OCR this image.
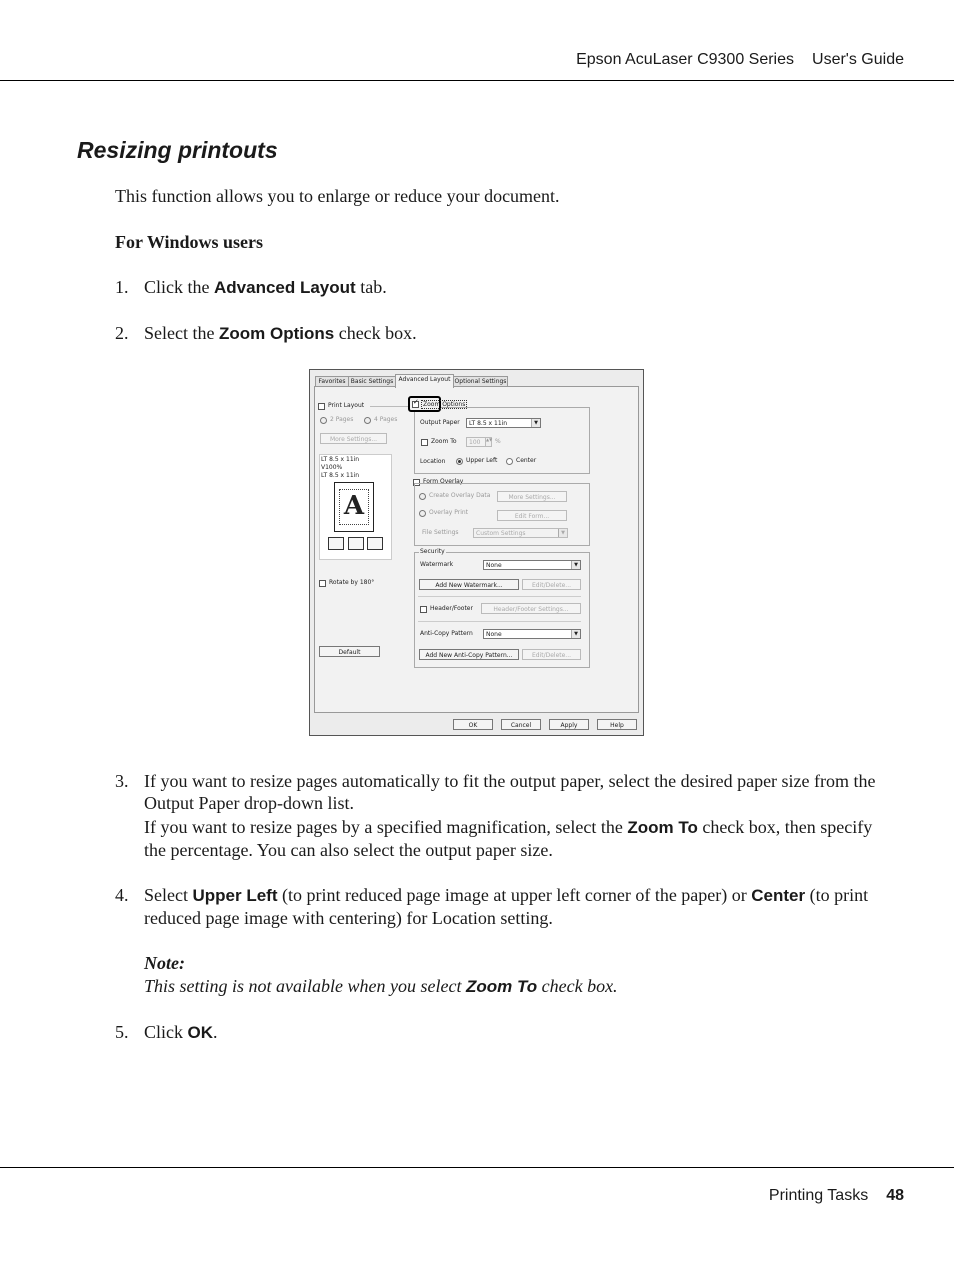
Epson AcuLaser C9300 Series User's Guide
Resizing printouts
This function allows you to enlarge or reduce your document.
For Windows users
1. Click the Advanced Layout tab.
2. Select the Zoom Options check box.
Favorites Basic Settings Advanced Layout Optional Settings
Print Layout
2 Pages	4 Pages
More Settings...
LT 8.5 x 11in
V100%
LT 8.5 x 11in
A
Rotate by 180°
Default
✓ Zoom Options
Output Paper	LT 8.5 x 11in	▼
Zoom To	100	▲▼ %
Location	Upper Left	Center
Form Overlay
Create Overlay Data	More Settings...
Overlay Print
Edit Form...
File Settings	Custom Settings	▼
Security
Watermark	None	▼
Add New Watermark...	Edit/Delete...
Header/Footer	Header/Footer Settings...
Anti-Copy Pattern	None	▼
Add New Anti-Copy Pattern...	Edit/Delete...
OK	Cancel	Apply	Help
3. If you want to resize pages automatically to fit the output paper, select the desired paper size from the Output Paper drop-down list.

If you want to resize pages by a specified magnification, select the Zoom To check box, then specify the percentage. You can also select the output paper size.

4. Select Upper Left (to print reduced page image at upper left corner of the paper) or Center (to print reduced page image with centering) for Location setting.
Note:
This setting is not available when you select Zoom To check box.
5. Click OK.
Printing Tasks 48
